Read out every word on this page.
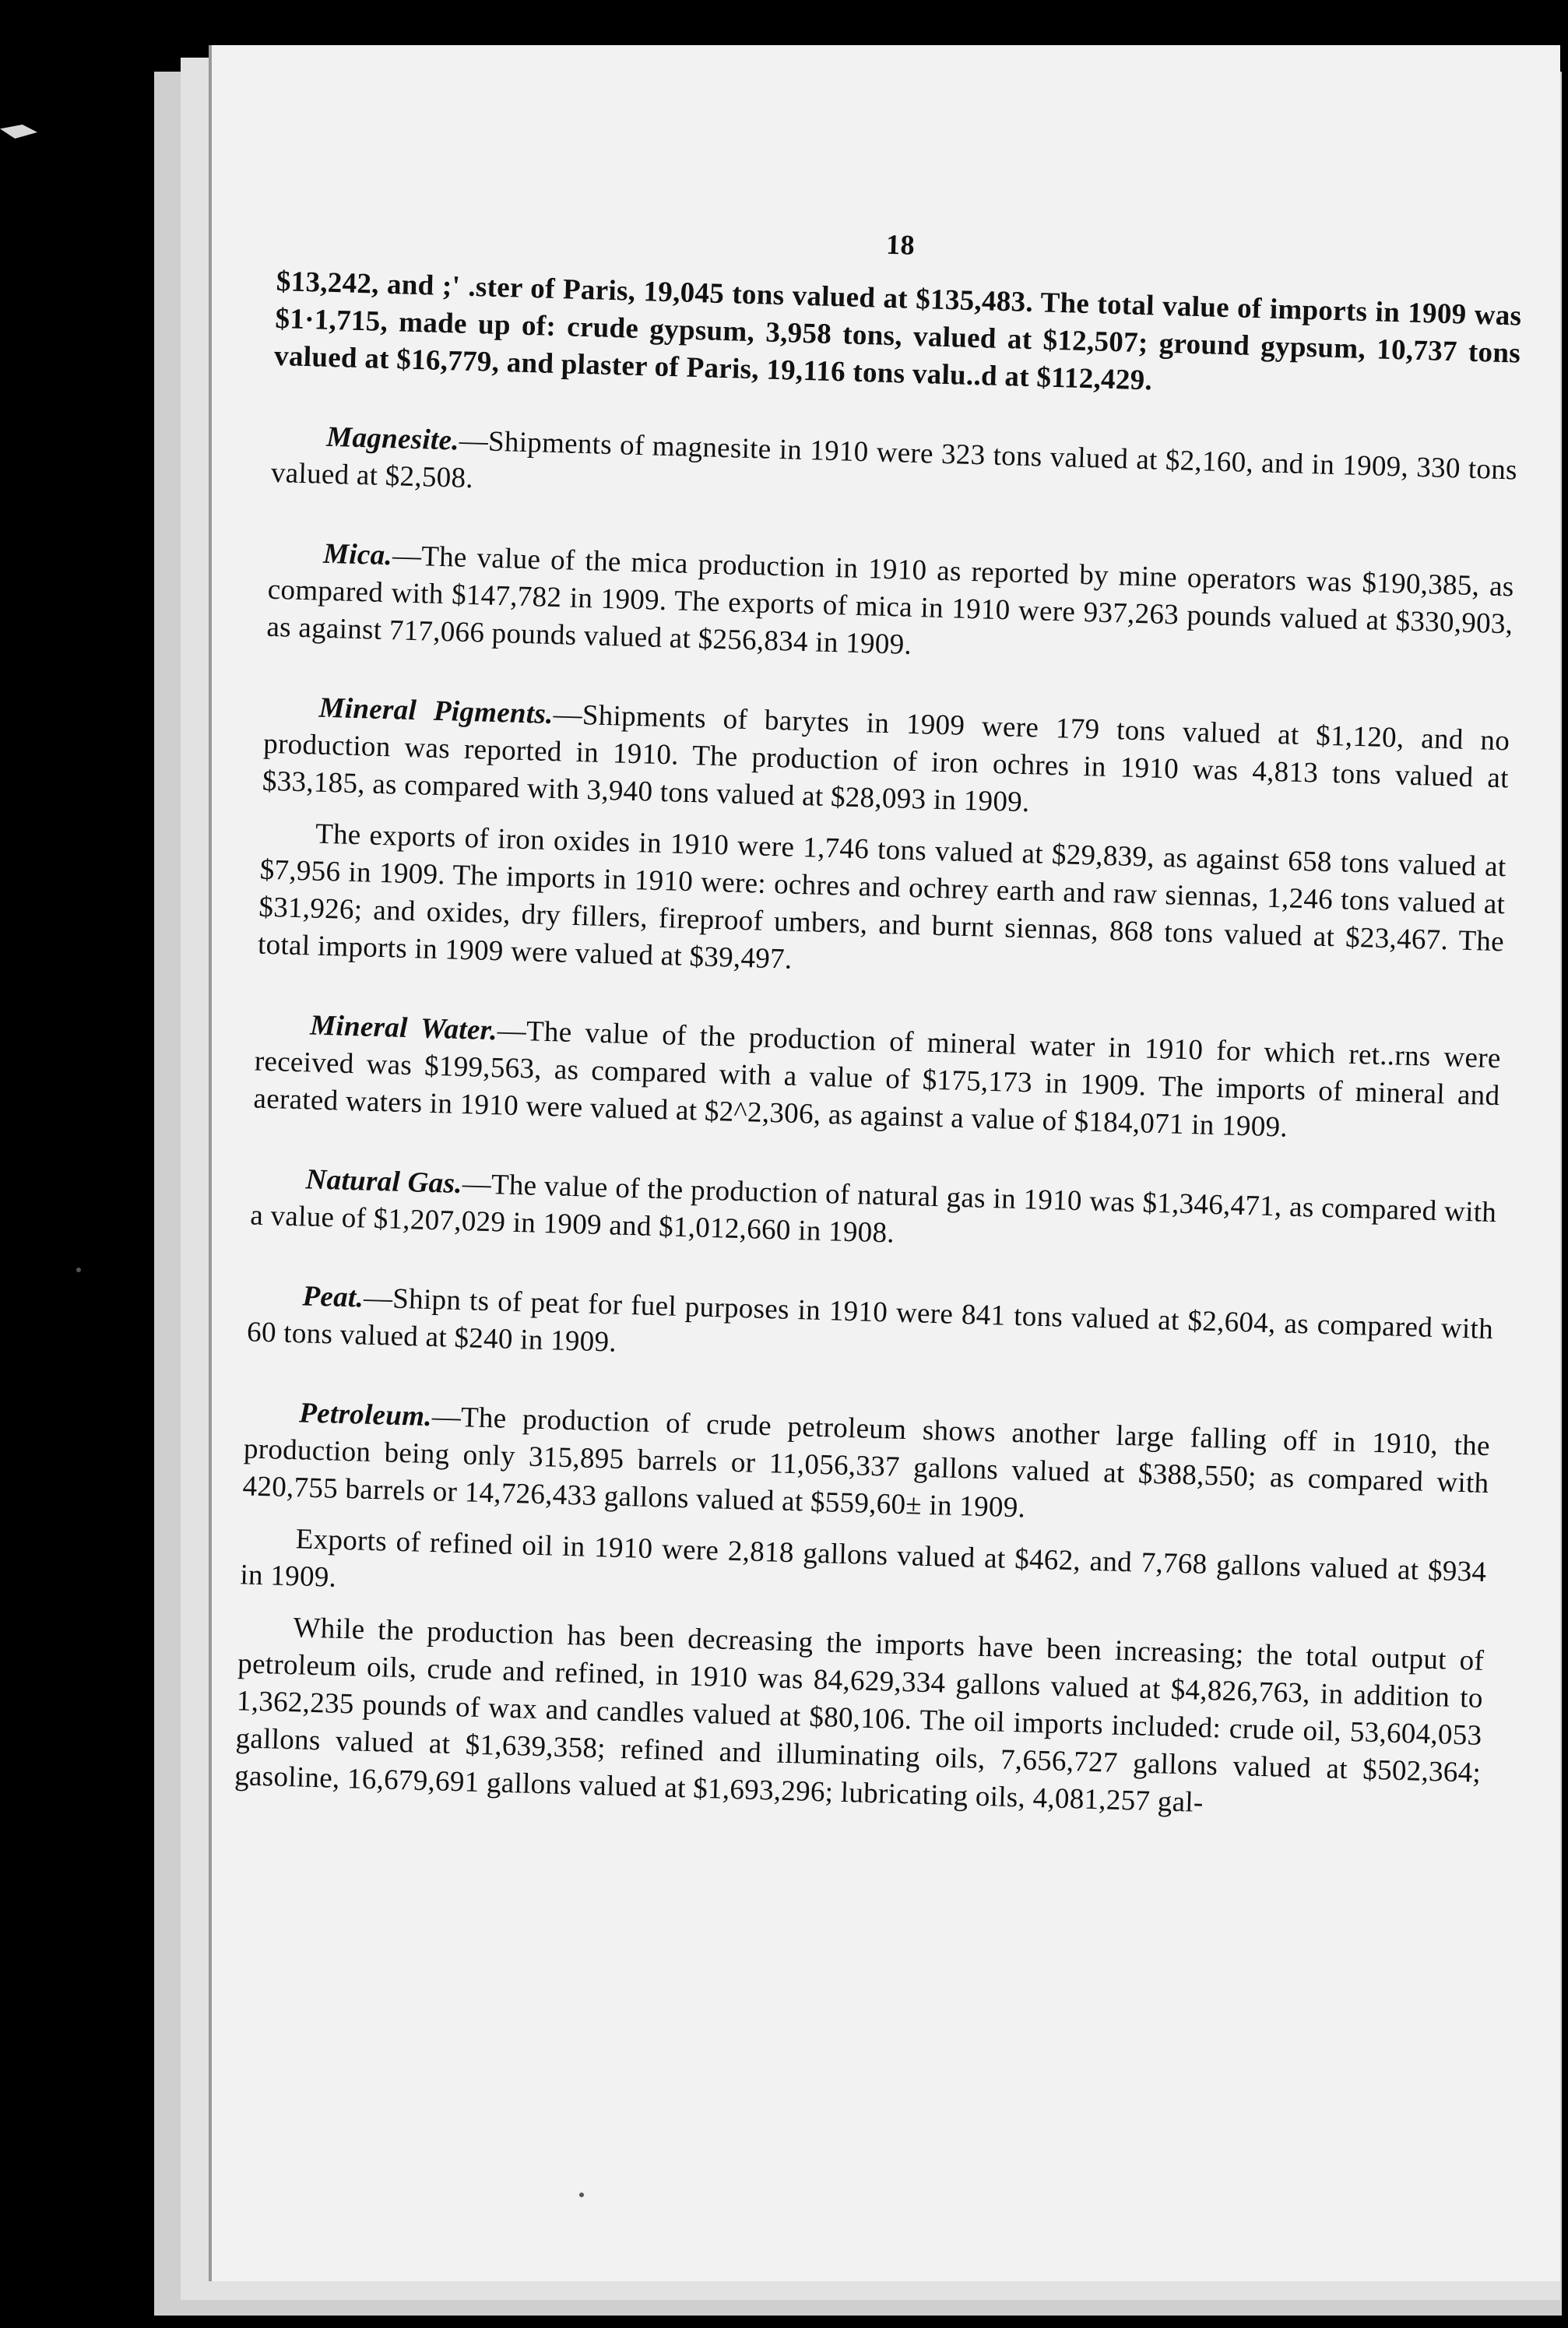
18

$13,242, and ;' .ster of Paris, 19,045 tons valued at $135,483. The total value of imports in 1909 was $1·1,715, made up of: crude gypsum, 3,958 tons, valued at $12,507; ground gypsum, 10,737 tons valued at $16,779, and plaster of Paris, 19,116 tons valu..d at $112,429.

Magnesite.—Shipments of magnesite in 1910 were 323 tons valued at $2,160, and in 1909, 330 tons valued at $2,508.

Mica.—The value of the mica production in 1910 as reported by mine operators was $190,385, as compared with $147,782 in 1909. The exports of mica in 1910 were 937,263 pounds valued at $330,903, as against 717,066 pounds valued at $256,834 in 1909.

Mineral Pigments.—Shipments of barytes in 1909 were 179 tons valued at $1,120, and no production was reported in 1910. The production of iron ochres in 1910 was 4,813 tons valued at $33,185, as compared with 3,940 tons valued at $28,093 in 1909.

The exports of iron oxides in 1910 were 1,746 tons valued at $29,839, as against 658 tons valued at $7,956 in 1909. The imports in 1910 were: ochres and ochrey earth and raw siennas, 1,246 tons valued at $31,926; and oxides, dry fillers, fireproof umbers, and burnt siennas, 868 tons valued at $23,467. The total imports in 1909 were valued at $39,497.

Mineral Water.—The value of the production of mineral water in 1910 for which ret..rns were received was $199,563, as compared with a value of $175,173 in 1909. The imports of mineral and aerated waters in 1910 were valued at $2^2,306, as against a value of $184,071 in 1909.

Natural Gas.—The value of the production of natural gas in 1910 was $1,346,471, as compared with a value of $1,207,029 in 1909 and $1,012,660 in 1908.

Peat.—Shipn ts of peat for fuel purposes in 1910 were 841 tons valued at $2,604, as compared with 60 tons valued at $240 in 1909.

Petroleum.—The production of crude petroleum shows another large falling off in 1910, the production being only 315,895 barrels or 11,056,337 gallons valued at $388,550; as compared with 420,755 barrels or 14,726,433 gallons valued at $559,60± in 1909.

Exports of refined oil in 1910 were 2,818 gallons valued at $462, and 7,768 gallons valued at $934 in 1909.

While the production has been decreasing the imports have been increasing; the total output of petroleum oils, crude and refined, in 1910 was 84,629,334 gallons valued at $4,826,763, in addition to 1,362,235 pounds of wax and candles valued at $80,106. The oil imports included: crude oil, 53,604,053 gallons valued at $1,639,358; refined and illuminating oils, 7,656,727 gallons valued at $502,364; gasoline, 16,679,691 gallons valued at $1,693,296; lubricating oils, 4,081,257 gal-
